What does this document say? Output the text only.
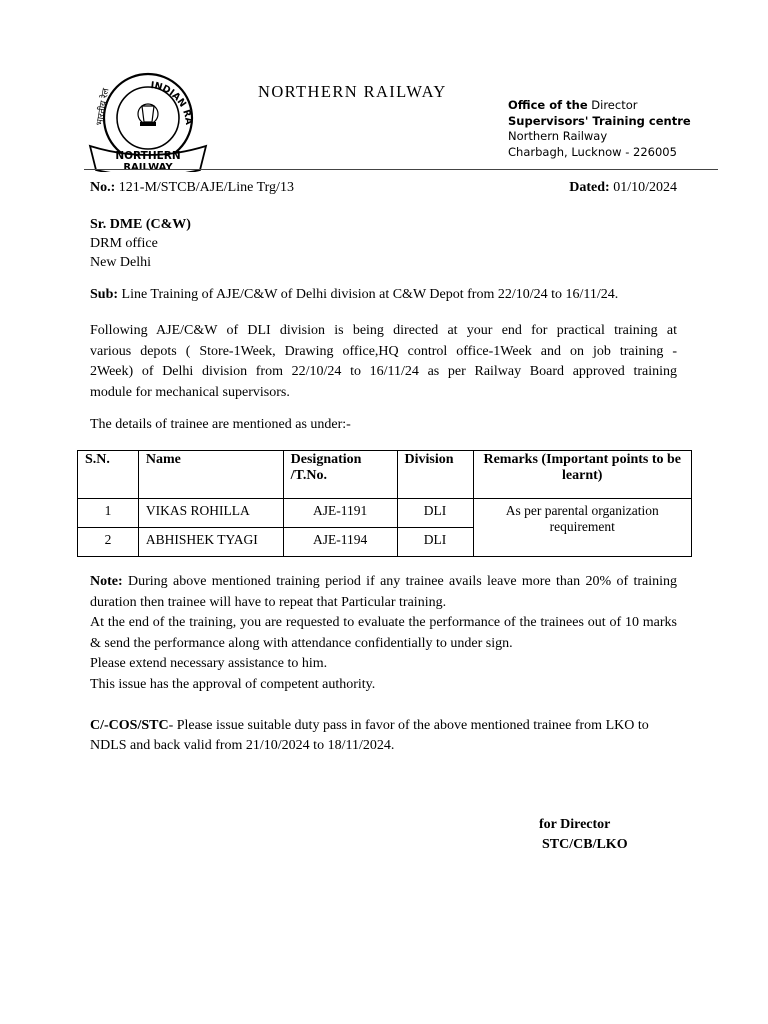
INDIAN RA
भारतीय रेल
NORTHERN
RAILWAY
NORTHERN RAILWAY
Office of the Director
Supervisors' Training centre
Northern Railway
Charbagh, Lucknow - 226005
No.: 121-M/STCB/AJE/Line Trg/13	Dated: 01/10/2024
Sr. DME (C&W)
DRM office
New Delhi
Sub: Line Training of AJE/C&W of Delhi division at C&W Depot from 22/10/24 to 16/11/24.
Following AJE/C&W of DLI division is being directed at your end for practical training at
various depots ( Store-1Week, Drawing office,HQ control office-1Week and on job training -
2Week) of Delhi division from 22/10/24 to 16/11/24 as per Railway Board approved training
module for mechanical supervisors.
The details of trainee are mentioned as under:-
S.N.	Name	Designation /T.No.	Division	Remarks (Important points to be learnt)
1	VIKAS ROHILLA	AJE-1191	DLI	As per parental organization requirement
2	ABHISHEK TYAGI	AJE-1194	DLI	
Note: During above mentioned training period if any trainee avails leave more than 20% of training duration then trainee will have to repeat that Particular training.
At the end of the training, you are requested to evaluate the performance of the trainees out of 10 marks & send the performance along with attendance confidentially to under sign.
Please extend necessary assistance to him.
This issue has the approval of competent authority.
C/-COS/STC- Please issue suitable duty pass in favor of the above mentioned trainee from LKO to NDLS and back valid from 21/10/2024 to 18/11/2024.
for Director
STC/CB/LKO
